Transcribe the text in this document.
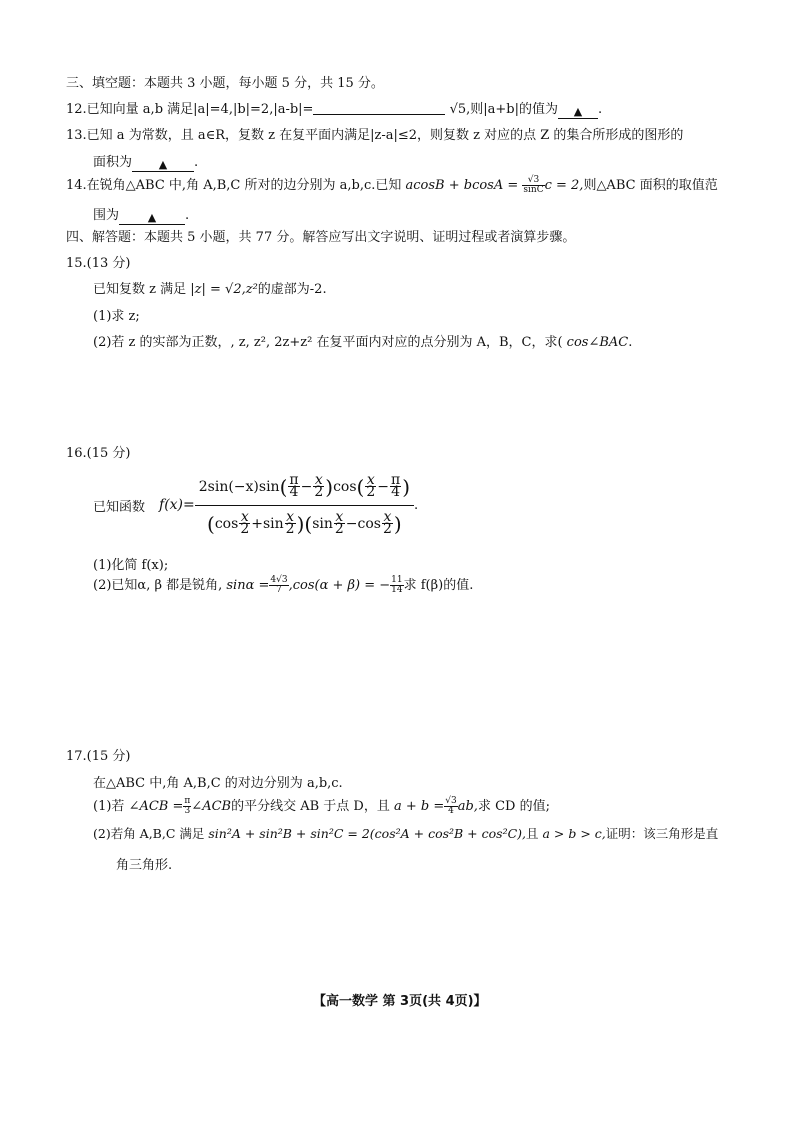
三、填空题：本题共 3 小题，每小题 5 分，共 15 分。
12.已知向量 a,b 满足|a|=4,|b|=2,|a-b|=	√5,则|a+b|的值为 ▲ .
13.已知 a 为常数，且 a∈R，复数 z 在复平面内满足|z-a|≤2，则复数 z 对应的点 Z 的集合所形成的图形的
面积为 ▲ .
14.在锐角△ABC 中,角 A,B,C 所对的边分别为 a,b,c.已知 $acosB + bcosA = \frac{√3}{\sin C}$ c = 2,则△ABC 面积的取值范
围为	▲ .
四、解答题：本题共 5 小题，共 77 分。解答应写出文字说明、证明过程或者演算步骤。
15.(13 分)
已知复数 z 满足 |z| = √2,z²的虚部为-2.
(1)求 z;
(2)若 z 的实部为正数，, z, z², 2z+z² 在复平面内对应的点分别为 A，B，C，求( cos∠BAC.
16.(15 分)
已知函数 $f(x)= \frac{2\sin(-x)\sin( \frac{\pi}{4} - \frac{x}{2} )\cos( \frac{x}{2} - \frac{\pi}{4} )}{(\cos \frac{x}{2} +\sin \frac{x}{2} )(\sin \frac{x}{2} -\cos \frac{x}{2} )}$ .
(1)化简 f(x);
(2)已知α, β 都是锐角, $\sin\alpha = \frac{4√3}{7} ,\cos(\alpha + \beta)$ = − $\frac{11}{14}$ 求 f(β)的值.
17.(15 分)
在△ABC 中,角 A,B,C 的对边分别为 a,b,c.
(1)若 ∠ACB = $\frac{\pi}{3}$ ∠ACB的平分线交 AB 于点 D，且 $a + b = \frac{√3}{4}$ ab,求 CD 的值;
(2)若角 A,B,C 满足 sin²A + sin²B + sin²C = 2(cos²A + cos²B + cos²C),且 a > b > c,证明：该三角形是直
角三角形.
【高一数学 第 3页(共 4页)】
